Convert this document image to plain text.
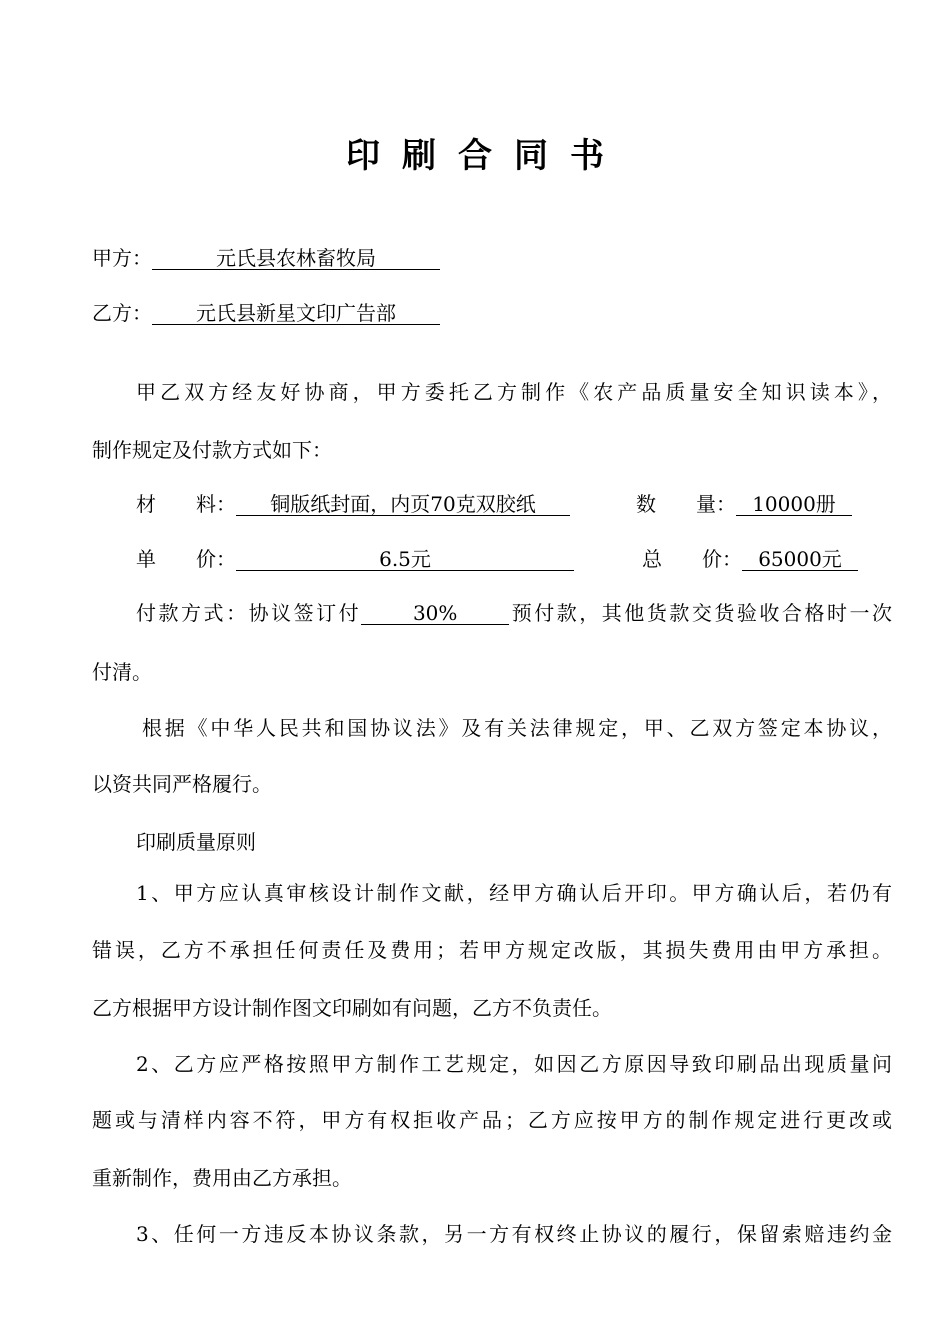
印刷合同书
甲方：	元氏县农林畜牧局
乙方： 元氏县新星文印广告部
甲乙双方经友好协商，甲方委托乙方制作《农产品质量安全知识读本》，
制作规定及付款方式如下：
材　　料： 铜版纸封面，内页70克双胶纸	数　　量： 10000册
单　　价：	6.5元	总　　价： 65000元
付款方式：协议签订付	30%	预付款，其他货款交货验收合格时一次
付清。
根据《中华人民共和国协议法》及有关法律规定，甲、乙双方签定本协议，
以资共同严格履行。
印刷质量原则
1、甲方应认真审核设计制作文献，经甲方确认后开印。甲方确认后，若仍有
错误，乙方不承担任何责任及费用；若甲方规定改版，其损失费用由甲方承担。
乙方根据甲方设计制作图文印刷如有问题，乙方不负责任。
2、乙方应严格按照甲方制作工艺规定，如因乙方原因导致印刷品出现质量问
题或与清样内容不符，甲方有权拒收产品；乙方应按甲方的制作规定进行更改或
重新制作，费用由乙方承担。
3、任何一方违反本协议条款，另一方有权终止协议的履行，保留索赔违约金
